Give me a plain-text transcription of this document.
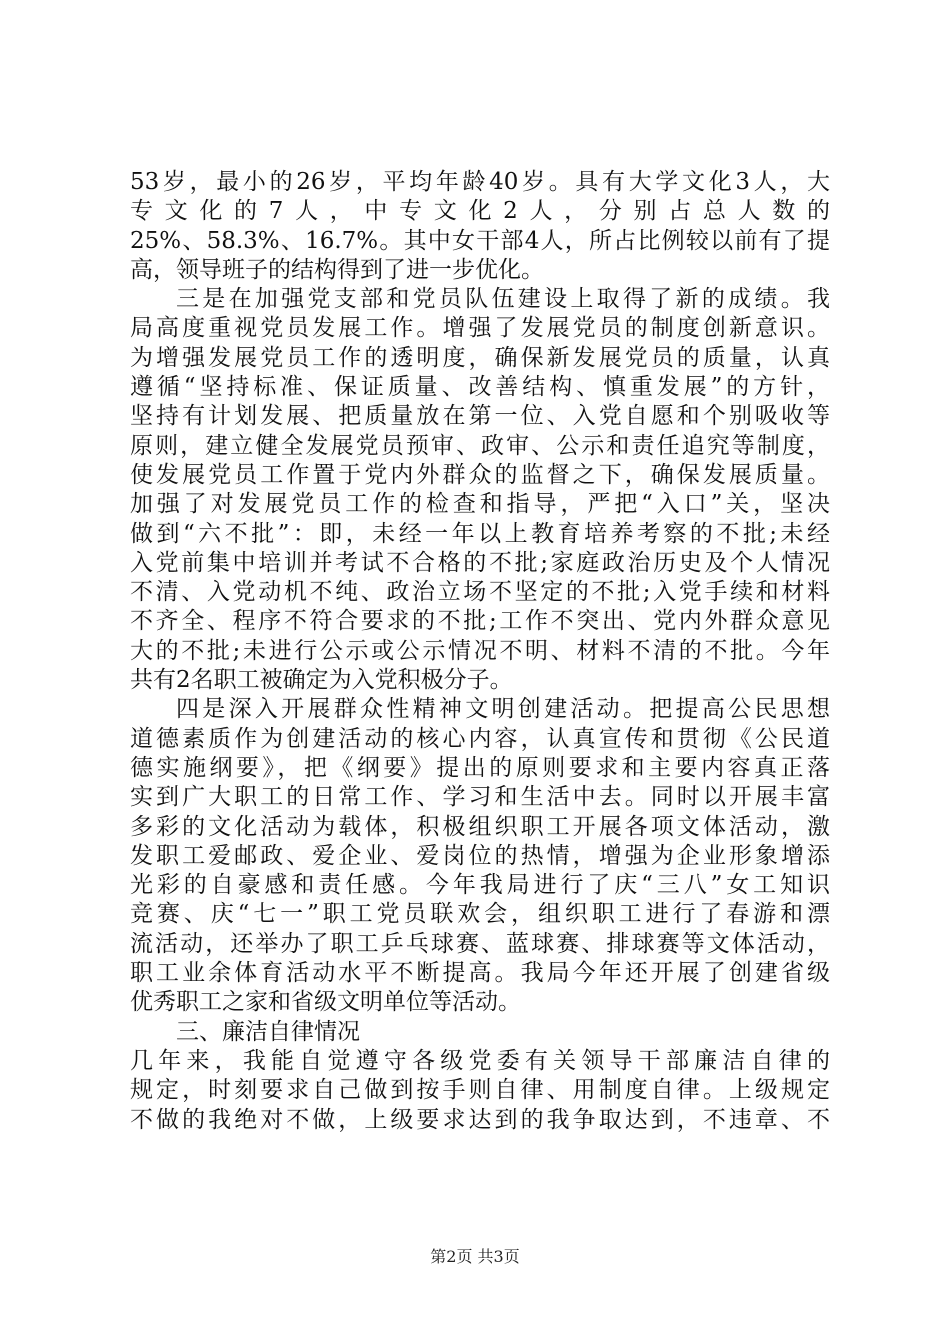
53岁，最小的26岁，平均年龄40岁。具有大学文化3人，大
专文化的7人，中专文化2人，分别占总人数的
25%、58.3%、16.7%。其中女干部4人，所占比例较以前有了提
高，领导班子的结构得到了进一步优化。
三是在加强党支部和党员队伍建设上取得了新的成绩。我
局高度重视党员发展工作。增强了发展党员的制度创新意识。
为增强发展党员工作的透明度，确保新发展党员的质量，认真
遵循“坚持标准、保证质量、改善结构、慎重发展”的方针，
坚持有计划发展、把质量放在第一位、入党自愿和个别吸收等
原则，建立健全发展党员预审、政审、公示和责任追究等制度，
使发展党员工作置于党内外群众的监督之下，确保发展质量。
加强了对发展党员工作的检查和指导，严把“入口”关，坚决
做到“六不批”：即，未经一年以上教育培养考察的不批;未经
入党前集中培训并考试不合格的不批;家庭政治历史及个人情况
不清、入党动机不纯、政治立场不坚定的不批;入党手续和材料
不齐全、程序不符合要求的不批;工作不突出、党内外群众意见
大的不批;未进行公示或公示情况不明、材料不清的不批。今年
共有2名职工被确定为入党积极分子。
四是深入开展群众性精神文明创建活动。把提高公民思想
道德素质作为创建活动的核心内容，认真宣传和贯彻《公民道
德实施纲要》，把《纲要》提出的原则要求和主要内容真正落
实到广大职工的日常工作、学习和生活中去。同时以开展丰富
多彩的文化活动为载体，积极组织职工开展各项文体活动，激
发职工爱邮政、爱企业、爱岗位的热情，增强为企业形象增添
光彩的自豪感和责任感。今年我局进行了庆“三八”女工知识
竞赛、庆“七一”职工党员联欢会，组织职工进行了春游和漂
流活动，还举办了职工乒乓球赛、蓝球赛、排球赛等文体活动，
职工业余体育活动水平不断提高。我局今年还开展了创建省级
优秀职工之家和省级文明单位等活动。
三、廉洁自律情况
几年来，我能自觉遵守各级党委有关领导干部廉洁自律的
规定，时刻要求自己做到按手则自律、用制度自律。上级规定
不做的我绝对不做，上级要求达到的我争取达到，不违章、不
第2页 共3页
